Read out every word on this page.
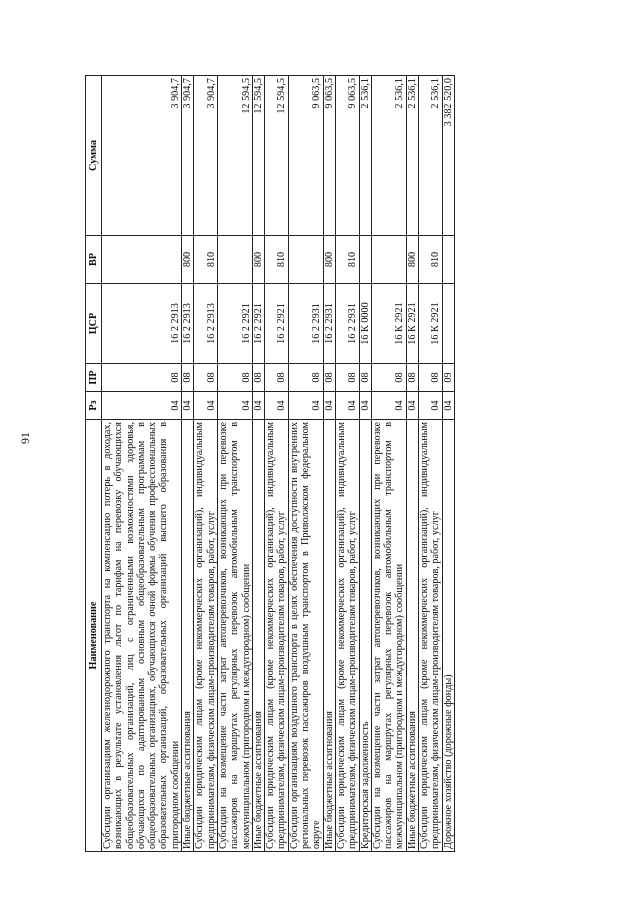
91
Наименование	Рз	ПР	ЦСР	ВР	Сумма
Субсидии организациям железнодорожного транспорта на компенсацию потерь в доходах, возникающих в результате установления льгот по тарифам на перевозку обучающихся общеобразовательных организаций, лиц с ограниченными возможностями здоровья, обучающихся по адаптированным основным общеобразовательным программам в общеобразовательных организациях, обучающихся очной формы обучения профессиональных образовательных организаций, образовательных организаций высшего образования в пригородном сообщении	04	08	16 2 2913		3 904,7
Иные бюджетные ассигнования	04	08	16 2 2913	800	3 904,7
Субсидии юридическим лицам (кроме некоммерческих организаций), индивидуальным предпринимателям, физическим лицам-производителям товаров, работ, услуг	04	08	16 2 2913	810	3 904,7
Субсидии на возмещение части затрат автоперевозчиков, возникающих при перевозке пассажиров на маршрутах регулярных перевозок автомобильным транспортом в межмуниципальном (пригородном и междугородном) сообщении	04	08	16 2 2921		12 594,5
Иные бюджетные ассигнования	04	08	16 2 2921	800	12 594,5
Субсидии юридическим лицам (кроме некоммерческих организаций), индивидуальным предпринимателям, физическим лицам-производителям товаров, работ, услуг	04	08	16 2 2921	810	12 594,5
Субсидии организациям воздушного транспорта в целях обеспечения доступности внутренних региональных перевозок пассажиров воздушным транспортом в Приволжском федеральном округе	04	08	16 2 2931		9 063,5
Иные бюджетные ассигнования	04	08	16 2 2931	800	9 063,5
Субсидии юридическим лицам (кроме некоммерческих организаций), индивидуальным предпринимателям, физическим лицам-производителям товаров, работ, услуг	04	08	16 2 2931	810	9 063,5
Кредиторская задолженность	04	08	16 К 0000		2 536,1
Субсидии на возмещение части затрат автоперевозчиков, возникающих при перевозке пассажиров на маршрутах регулярных перевозок автомобильным транспортом в межмуниципальном (пригородном и междугородном) сообщении	04	08	16 К 2921		2 536,1
Иные бюджетные ассигнования	04	08	16 К 2921	800	2 536,1
Субсидии юридическим лицам (кроме некоммерческих организаций), индивидуальным предпринимателям, физическим лицам-производителям товаров, работ, услуг	04	08	16 К 2921	810	2 536,1
Дорожное хозяйство (дорожные фонды)	04	09			3 382 520,0
